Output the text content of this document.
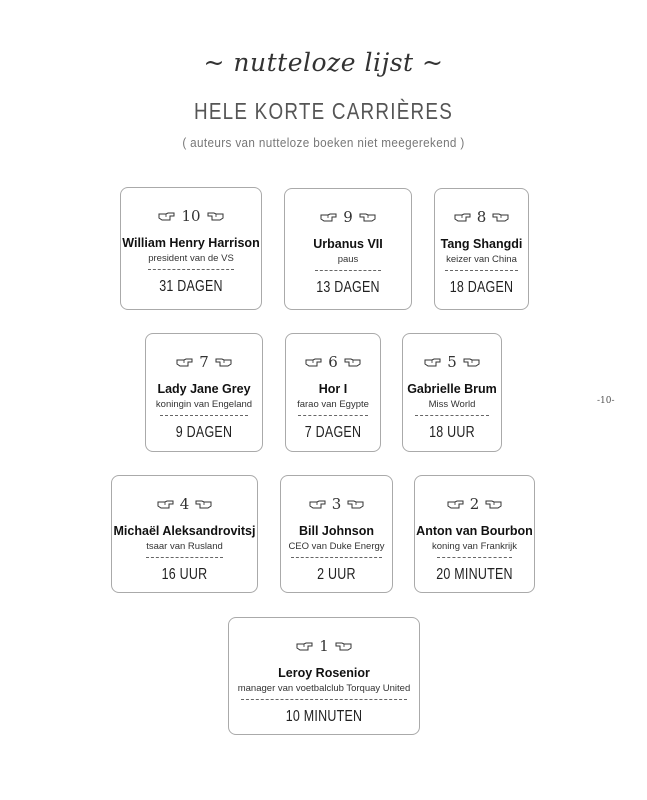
~ nutteloze lijst ~
HELE KORTE CARRIÈRES
( auteurs van nutteloze boeken niet meegerekend )
-10-
10
William Henry Harrison
president van de VS
31 DAGEN
9
Urbanus VII
paus
13 DAGEN
8
Tang Shangdi
keizer van China
18 DAGEN
7
Lady Jane Grey
koningin van Engeland
9 DAGEN
6
Hor I
farao van Egypte
7 DAGEN
5
Gabrielle Brum
Miss World
18 UUR
4
Michaël Aleksandrovitsj
tsaar van Rusland
16 UUR
3
Bill Johnson
CEO van Duke Energy
2 UUR
2
Anton van Bourbon
koning van Frankrijk
20 MINUTEN
1
Leroy Rosenior
manager van voetbalclub Torquay United
10 MINUTEN
